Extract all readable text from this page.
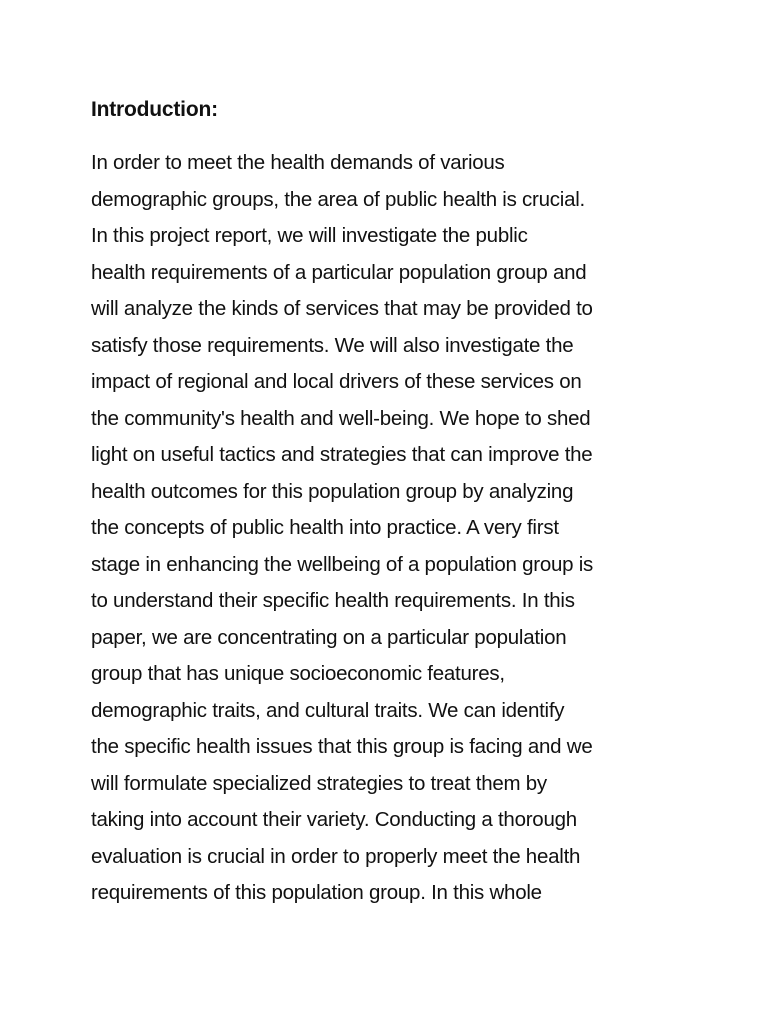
Introduction:

In order to meet the health demands of various
demographic groups, the area of public health is crucial.
In this project report, we will investigate the public
health requirements of a particular population group and
will analyze the kinds of services that may be provided to
satisfy those requirements. We will also investigate the
impact of regional and local drivers of these services on
the community's health and well-being. We hope to shed
light on useful tactics and strategies that can improve the
health outcomes for this population group by analyzing
the concepts of public health into practice. A very first
stage in enhancing the wellbeing of a population group is
to understand their specific health requirements. In this
paper, we are concentrating on a particular population
group that has unique socioeconomic features,
demographic traits, and cultural traits. We can identify
the specific health issues that this group is facing and we
will formulate specialized strategies to treat them by
taking into account their variety. Conducting a thorough
evaluation is crucial in order to properly meet the health
requirements of this population group. In this whole
